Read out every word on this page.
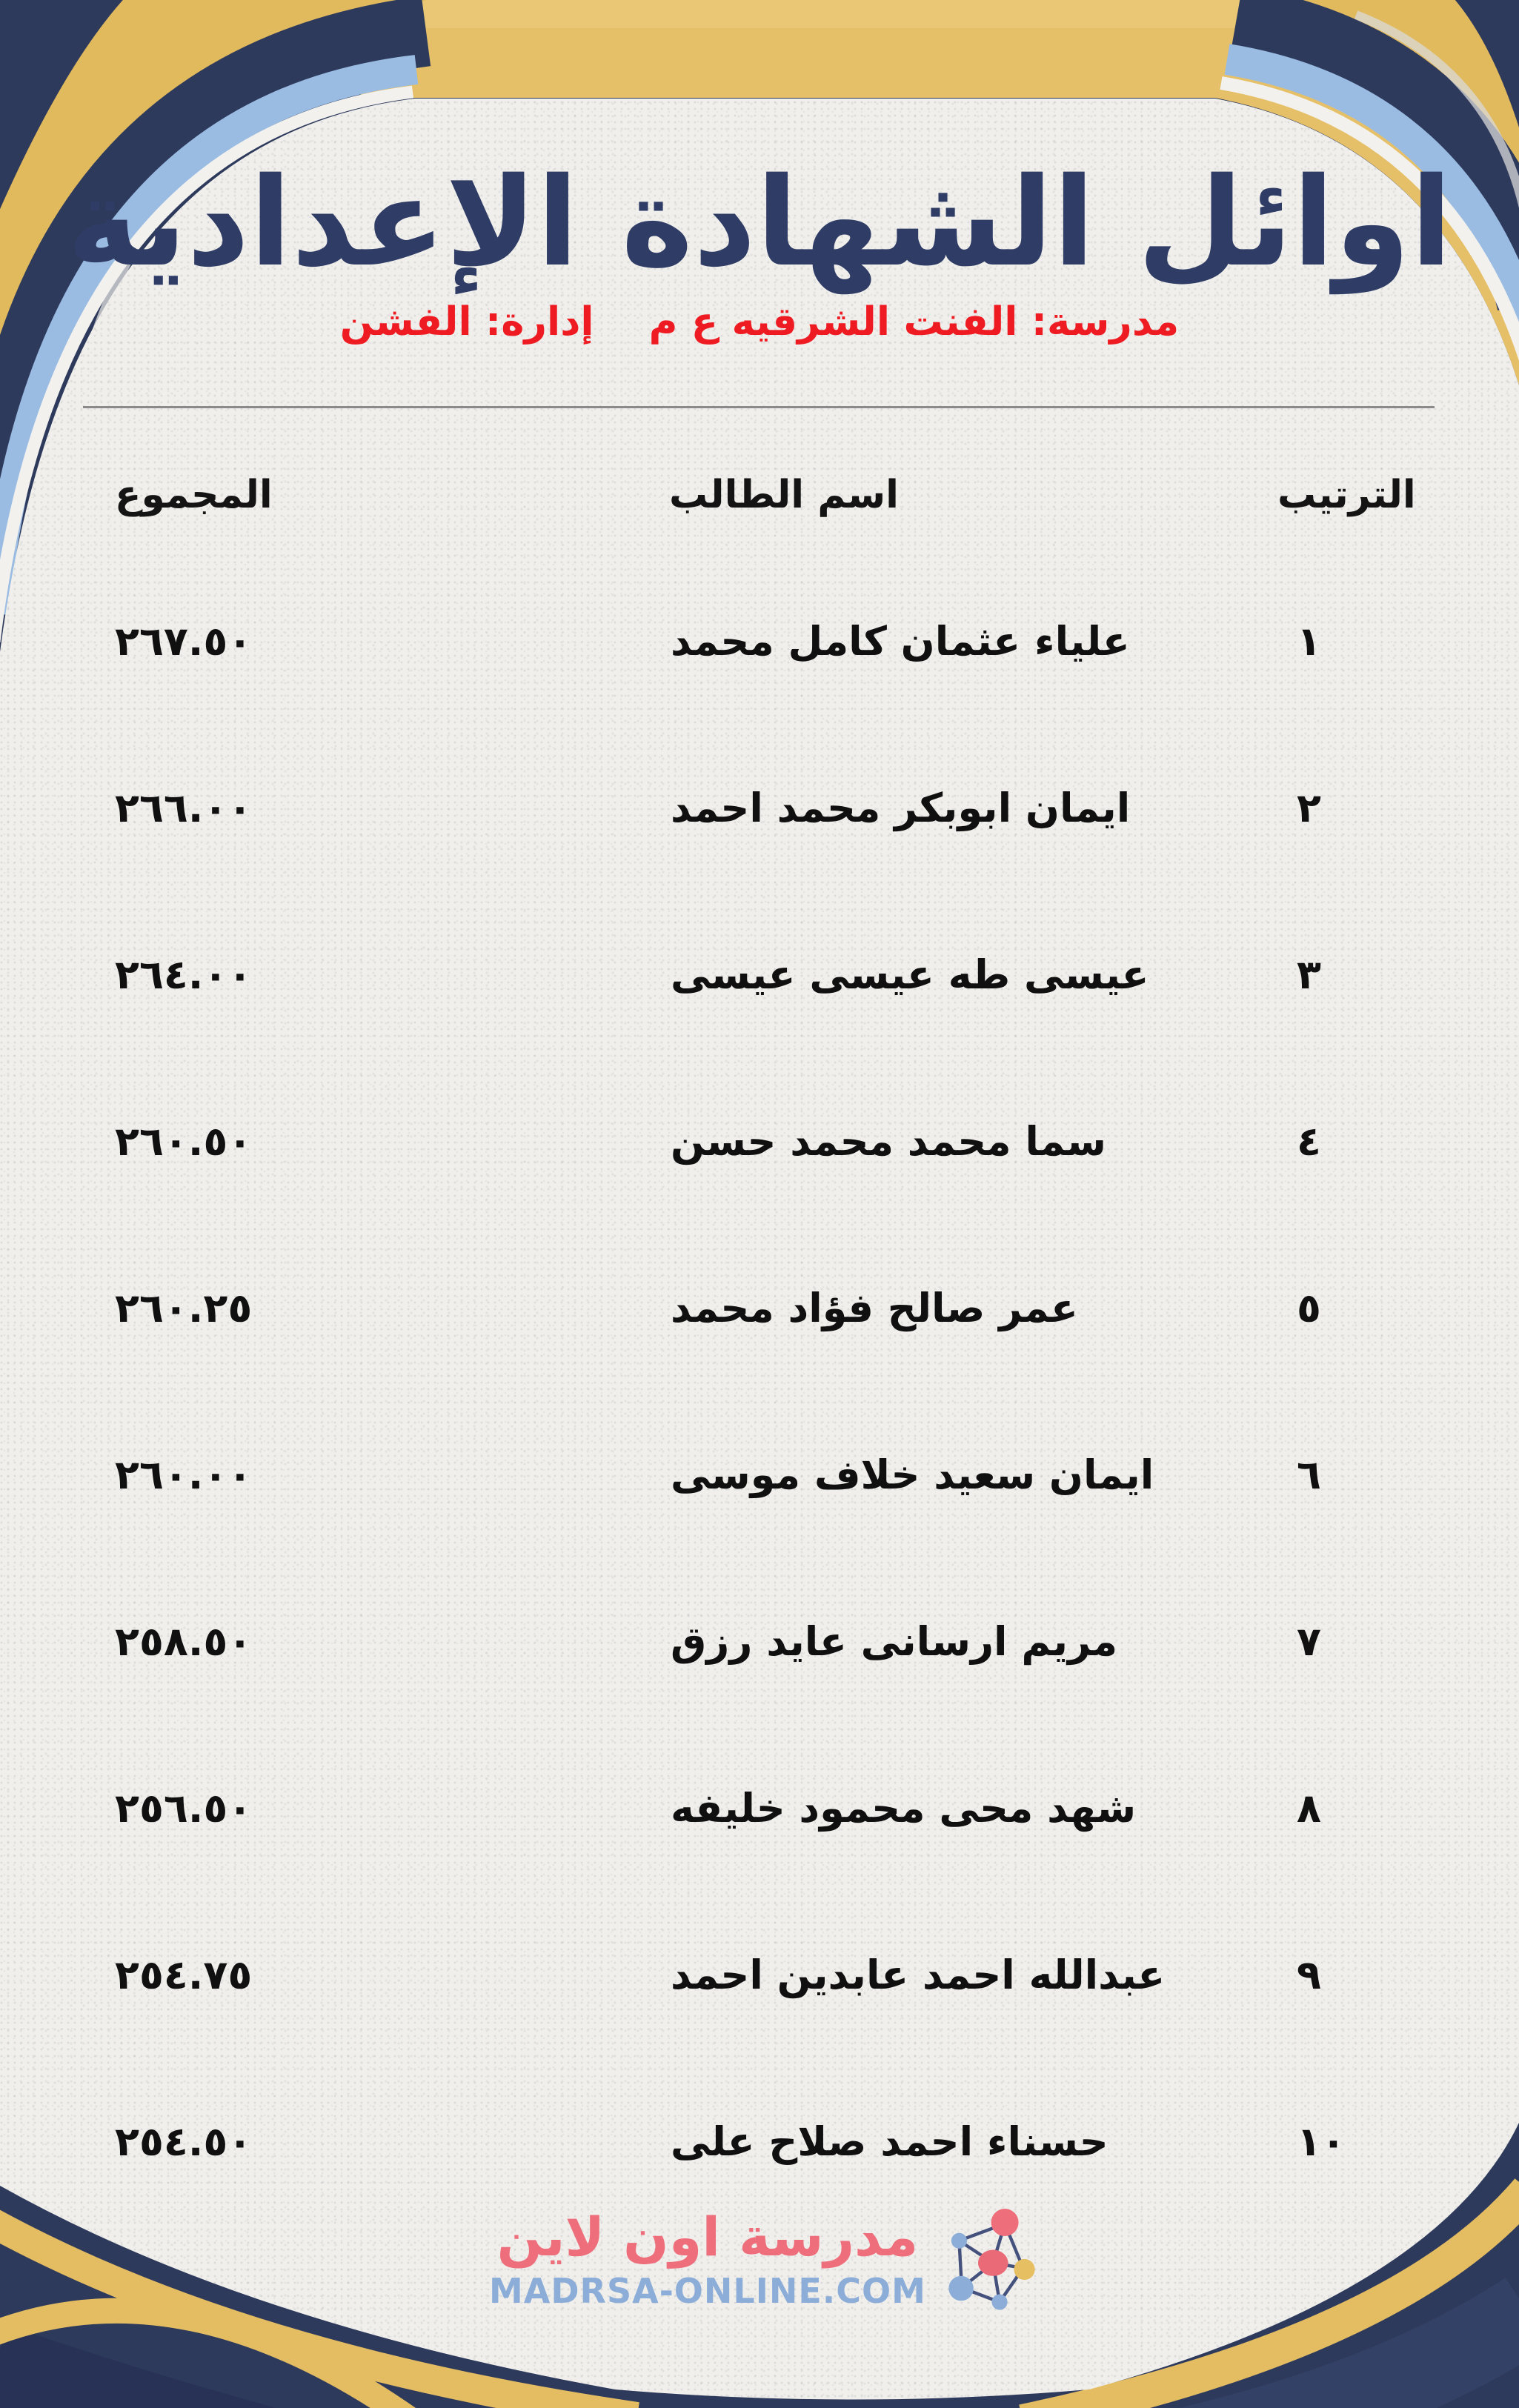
اوائل الشهادة الإعدادية
مدرسة: الفنت الشرقيه ع م
إدارة: الفشن
المجموع	اسم الطالب	الترتيب
٢٦٧.٥٠	علياء عثمان كامل محمد	١
٢٦٦.٠٠	ايمان ابوبكر محمد احمد	٢
٢٦٤.٠٠	عيسى طه عيسى عيسى	٣
٢٦٠.٥٠	سما محمد محمد حسن	٤
٢٦٠.٢٥	عمر صالح فؤاد محمد	٥
٢٦٠.٠٠	ايمان سعيد خلاف موسى	٦
٢٥٨.٥٠	مريم ارسانى عايد رزق	٧
٢٥٦.٥٠	شهد محى محمود خليفه	٨
٢٥٤.٧٥	عبدالله احمد عابدين احمد	٩
٢٥٤.٥٠	حسناء احمد صلاح على	١٠
مدرسة اون لاين
MADRSA-ONLINE.COM
